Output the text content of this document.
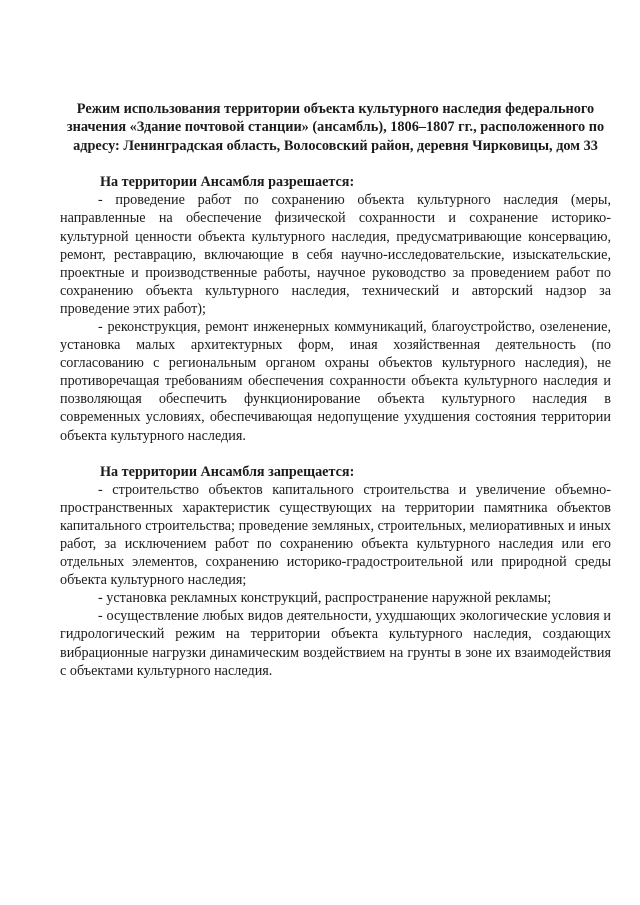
Режим использования территории объекта культурного наследия федерального значения «Здание почтовой станции» (ансамбль), 1806–1807 гг., расположенного по адресу: Ленинградская область, Волосовский район, деревня Чирковицы, дом 33

На территории Ансамбля разрешается:

- проведение работ по сохранению объекта культурного наследия (меры, направленные на обеспечение физической сохранности и сохранение историко-культурной ценности объекта культурного наследия, предусматривающие консервацию, ремонт, реставрацию, включающие в себя научно-исследовательские, изыскательские, проектные и производственные работы, научное руководство за проведением работ по сохранению объекта культурного наследия, технический и авторский надзор за проведение этих работ);

- реконструкция, ремонт инженерных коммуникаций, благоустройство, озеленение, установка малых архитектурных форм, иная хозяйственная деятельность (по согласованию с региональным органом охраны объектов культурного наследия), не противоречащая требованиям обеспечения сохранности объекта культурного наследия и позволяющая обеспечить функционирование объекта культурного наследия в современных условиях, обеспечивающая недопущение ухудшения состояния территории объекта культурного наследия.

На территории Ансамбля запрещается:

- строительство объектов капитального строительства и увеличение объемно-пространственных характеристик существующих на территории памятника объектов капитального строительства; проведение земляных, строительных, мелиоративных и иных работ, за исключением работ по сохранению объекта культурного наследия или его отдельных элементов, сохранению историко-градостроительной или природной среды объекта культурного наследия;

- установка рекламных конструкций, распространение наружной рекламы;

- осуществление любых видов деятельности, ухудшающих экологические условия и гидрологический режим на территории объекта культурного наследия, создающих вибрационные нагрузки динамическим воздействием на грунты в зоне их взаимодействия с объектами культурного наследия.
